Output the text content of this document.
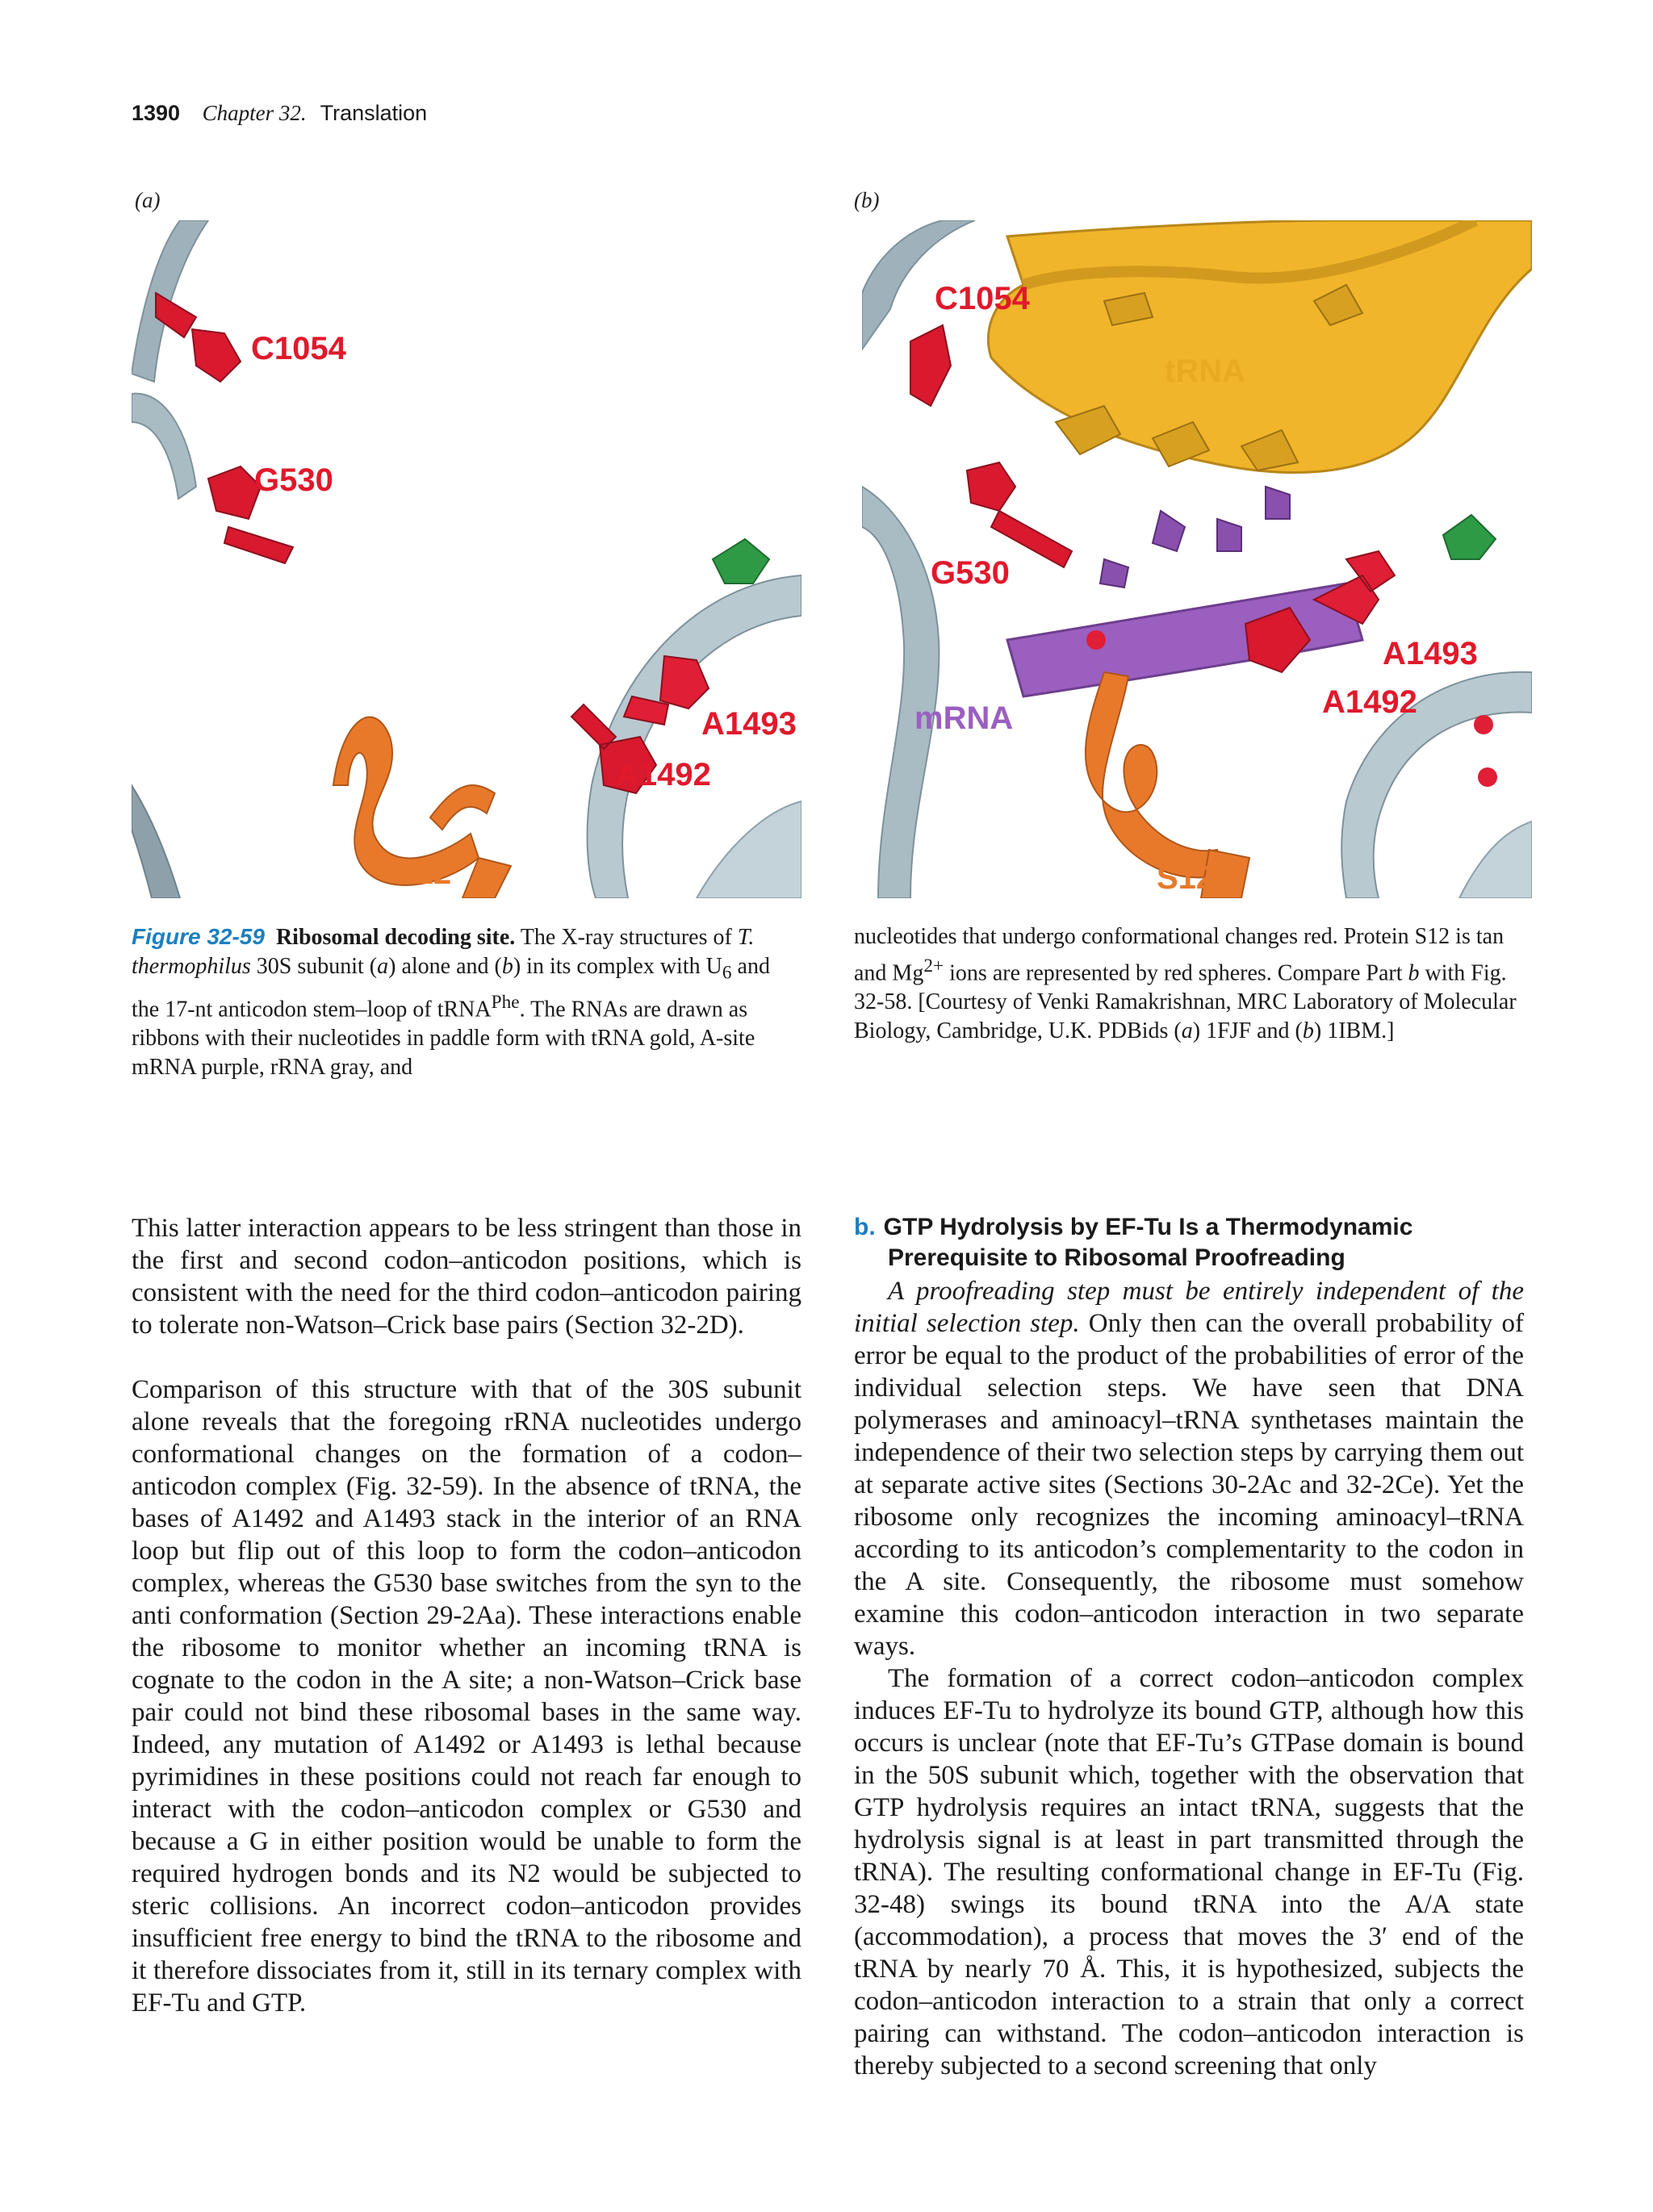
1390 Chapter 32. Translation
(a)	(b)
C1054
G530
A1493
A1492
S12
C1054
tRNA
G530
mRNA
A1493
A1492
S12
Figure 32-59 Ribosomal decoding site. The X-ray structures of T. thermophilus 30S subunit (a) alone and (b) in its complex with $U_6$ and the 17-nt anticodon stem–loop of tRNA$^{Phe}$. The RNAs are drawn as ribbons with their nucleotides in paddle form with tRNA gold, A-site mRNA purple, rRNA gray, and
nucleotides that undergo conformational changes red. Protein S12 is tan and $Mg^{2+}$ ions are represented by red spheres. Compare Part b with Fig. 32-58. [Courtesy of Venki Ramakrishnan, MRC Laboratory of Molecular Biology, Cambridge, U.K. PDBids (a) 1FJF and (b) 1IBM.]

This latter interaction appears to be less stringent than those in the first and second codon–anticodon positions, which is consistent with the need for the third codon–anticodon pairing to tolerate non-Watson–Crick base pairs (Section 32-2D).

Comparison of this structure with that of the 30S subunit alone reveals that the foregoing rRNA nucleotides undergo conformational changes on the formation of a codon–anticodon complex (Fig. 32-59). In the absence of tRNA, the bases of A1492 and A1493 stack in the interior of an RNA loop but flip out of this loop to form the codon–anticodon complex, whereas the G530 base switches from the syn to the anti conformation (Section 29-2Aa). These interactions enable the ribosome to monitor whether an incoming tRNA is cognate to the codon in the A site; a non-Watson–Crick base pair could not bind these ribosomal bases in the same way. Indeed, any mutation of A1492 or A1493 is lethal because pyrimidines in these positions could not reach far enough to interact with the codon–anticodon complex or G530 and because a G in either position would be unable to form the required hydrogen bonds and its N2 would be subjected to steric collisions. An incorrect codon–anticodon provides insufficient free energy to bind the tRNA to the ribosome and it therefore dissociates from it, still in its ternary complex with EF-Tu and GTP.

b. GTP Hydrolysis by EF-Tu Is a Thermodynamic Prerequisite to Ribosomal Proofreading

A proofreading step must be entirely independent of the initial selection step. Only then can the overall probability of error be equal to the product of the probabilities of error of the individual selection steps. We have seen that DNA polymerases and aminoacyl–tRNA synthetases maintain the independence of their two selection steps by carrying them out at separate active sites (Sections 30-2Ac and 32-2Ce). Yet the ribosome only recognizes the incoming aminoacyl–tRNA according to its anticodon’s complementarity to the codon in the A site. Consequently, the ribosome must somehow examine this codon–anticodon interaction in two separate ways.

The formation of a correct codon–anticodon complex induces EF-Tu to hydrolyze its bound GTP, although how this occurs is unclear (note that EF-Tu’s GTPase domain is bound in the 50S subunit which, together with the observation that GTP hydrolysis requires an intact tRNA, suggests that the hydrolysis signal is at least in part transmitted through the tRNA). The resulting conformational change in EF-Tu (Fig. 32-48) swings its bound tRNA into the A/A state (accommodation), a process that moves the 3′ end of the tRNA by nearly 70 Å. This, it is hypothesized, subjects the codon–anticodon interaction to a strain that only a correct pairing can withstand. The codon–anticodon interaction is thereby subjected to a second screening that only
